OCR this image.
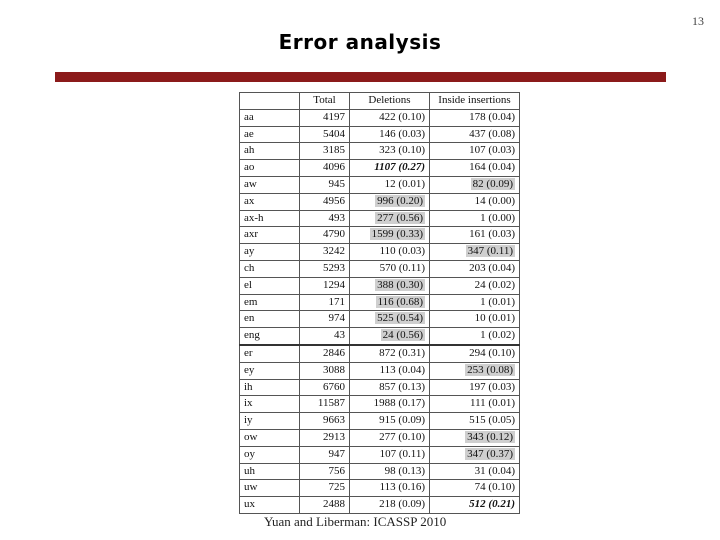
13
Error analysis
	Total	Deletions	Inside insertions
aa	4197	422 (0.10)	178 (0.04)
ae	5404	146 (0.03)	437 (0.08)
ah	3185	323 (0.10)	107 (0.03)
ao	4096	1107 (0.27)	164 (0.04)
aw	945	12 (0.01)	82 (0.09)
ax	4956	996 (0.20)	14 (0.00)
ax-h	493	277 (0.56)	1 (0.00)
axr	4790	1599 (0.33)	161 (0.03)
ay	3242	110 (0.03)	347 (0.11)
ch	5293	570 (0.11)	203 (0.04)
el	1294	388 (0.30)	24 (0.02)
em	171	116 (0.68)	1 (0.01)
en	974	525 (0.54)	10 (0.01)
eng	43	24 (0.56)	1 (0.02)
er	2846	872 (0.31)	294 (0.10)
ey	3088	113 (0.04)	253 (0.08)
ih	6760	857 (0.13)	197 (0.03)
ix	11587	1988 (0.17)	111 (0.01)
iy	9663	915 (0.09)	515 (0.05)
ow	2913	277 (0.10)	343 (0.12)
oy	947	107 (0.11)	347 (0.37)
uh	756	98 (0.13)	31 (0.04)
uw	725	113 (0.16)	74 (0.10)
ux	2488	218 (0.09)	512 (0.21)
Yuan and Liberman: ICASSP 2010
